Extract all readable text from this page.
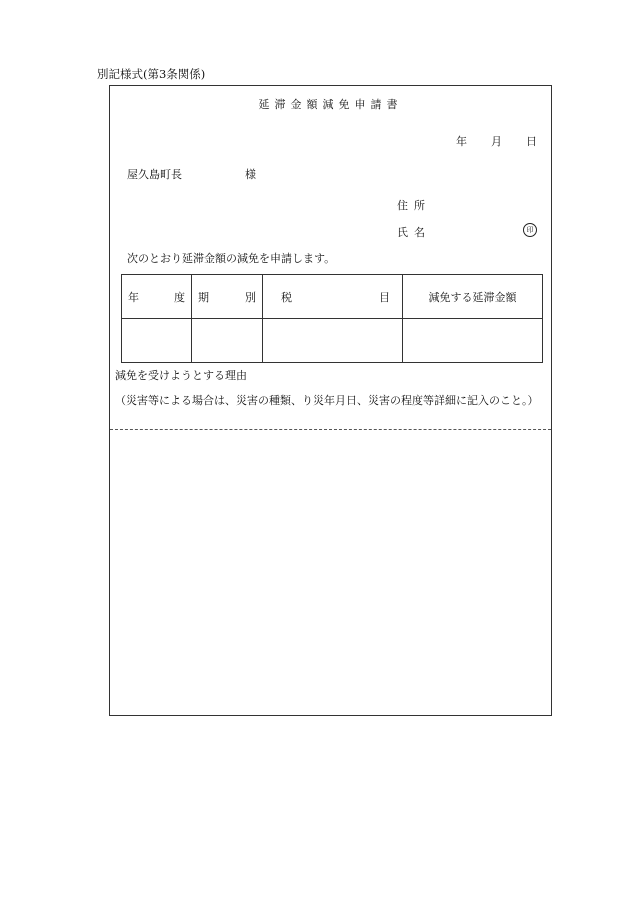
別記様式(第3条関係)
延滞金額減免申請書
年 月 日
屋久島町長	様
住所
氏名	印
次のとおり延滞金額の減免を申請します。
年 度	期 別	税 目	減免する延滞金額

減免を受けようとする理由
（災害等による場合は、災害の種類、り災年月日、災害の程度等詳細に記入のこと。）
